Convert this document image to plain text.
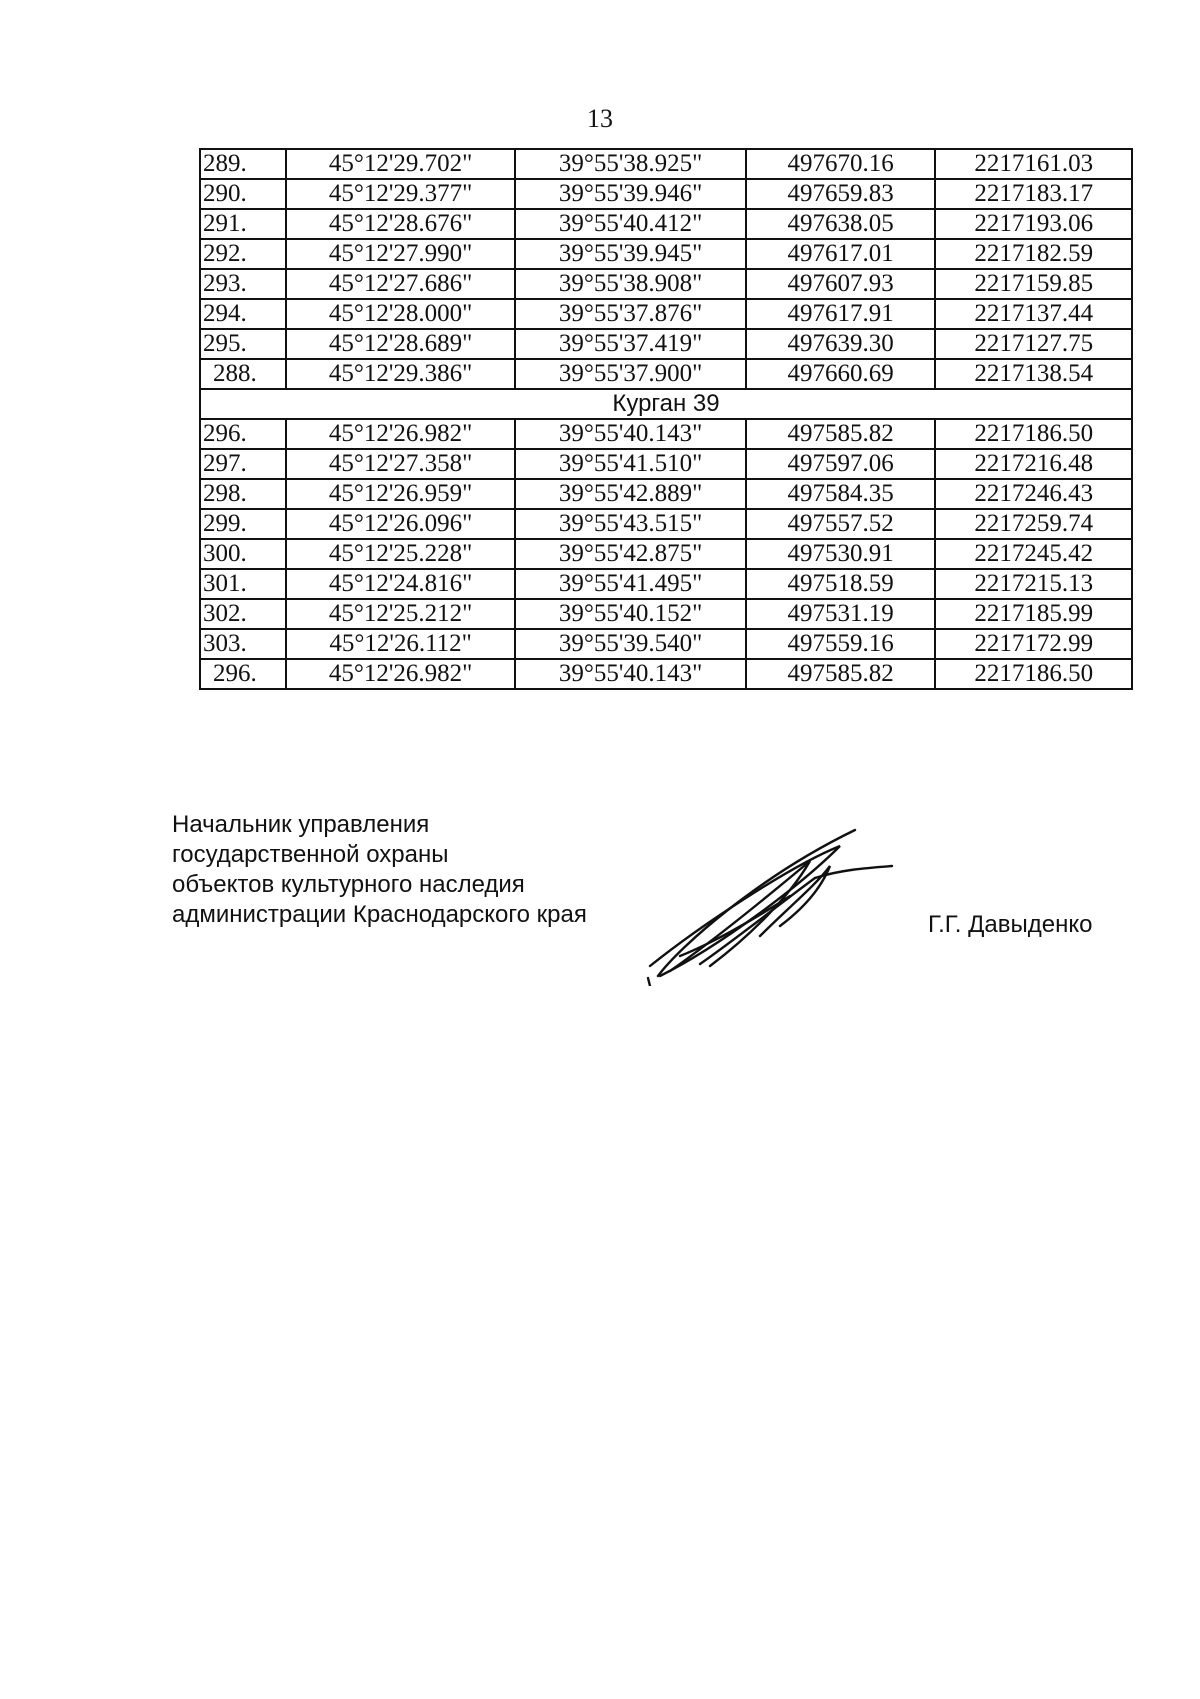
13
289.	45°12'29.702"	39°55'38.925"	497670.16	2217161.03
290.	45°12'29.377"	39°55'39.946"	497659.83	2217183.17
291.	45°12'28.676"	39°55'40.412"	497638.05	2217193.06
292.	45°12'27.990"	39°55'39.945"	497617.01	2217182.59
293.	45°12'27.686"	39°55'38.908"	497607.93	2217159.85
294.	45°12'28.000"	39°55'37.876"	497617.91	2217137.44
295.	45°12'28.689"	39°55'37.419"	497639.30	2217127.75
288.	45°12'29.386"	39°55'37.900"	497660.69	2217138.54
Курган 39				
296.	45°12'26.982"	39°55'40.143"	497585.82	2217186.50
297.	45°12'27.358"	39°55'41.510"	497597.06	2217216.48
298.	45°12'26.959"	39°55'42.889"	497584.35	2217246.43
299.	45°12'26.096"	39°55'43.515"	497557.52	2217259.74
300.	45°12'25.228"	39°55'42.875"	497530.91	2217245.42
301.	45°12'24.816"	39°55'41.495"	497518.59	2217215.13
302.	45°12'25.212"	39°55'40.152"	497531.19	2217185.99
303.	45°12'26.112"	39°55'39.540"	497559.16	2217172.99
296.	45°12'26.982"	39°55'40.143"	497585.82	2217186.50
Начальник управления
государственной охраны
объектов культурного наследия
администрации Краснодарского края	Г.Г. Давыденко
